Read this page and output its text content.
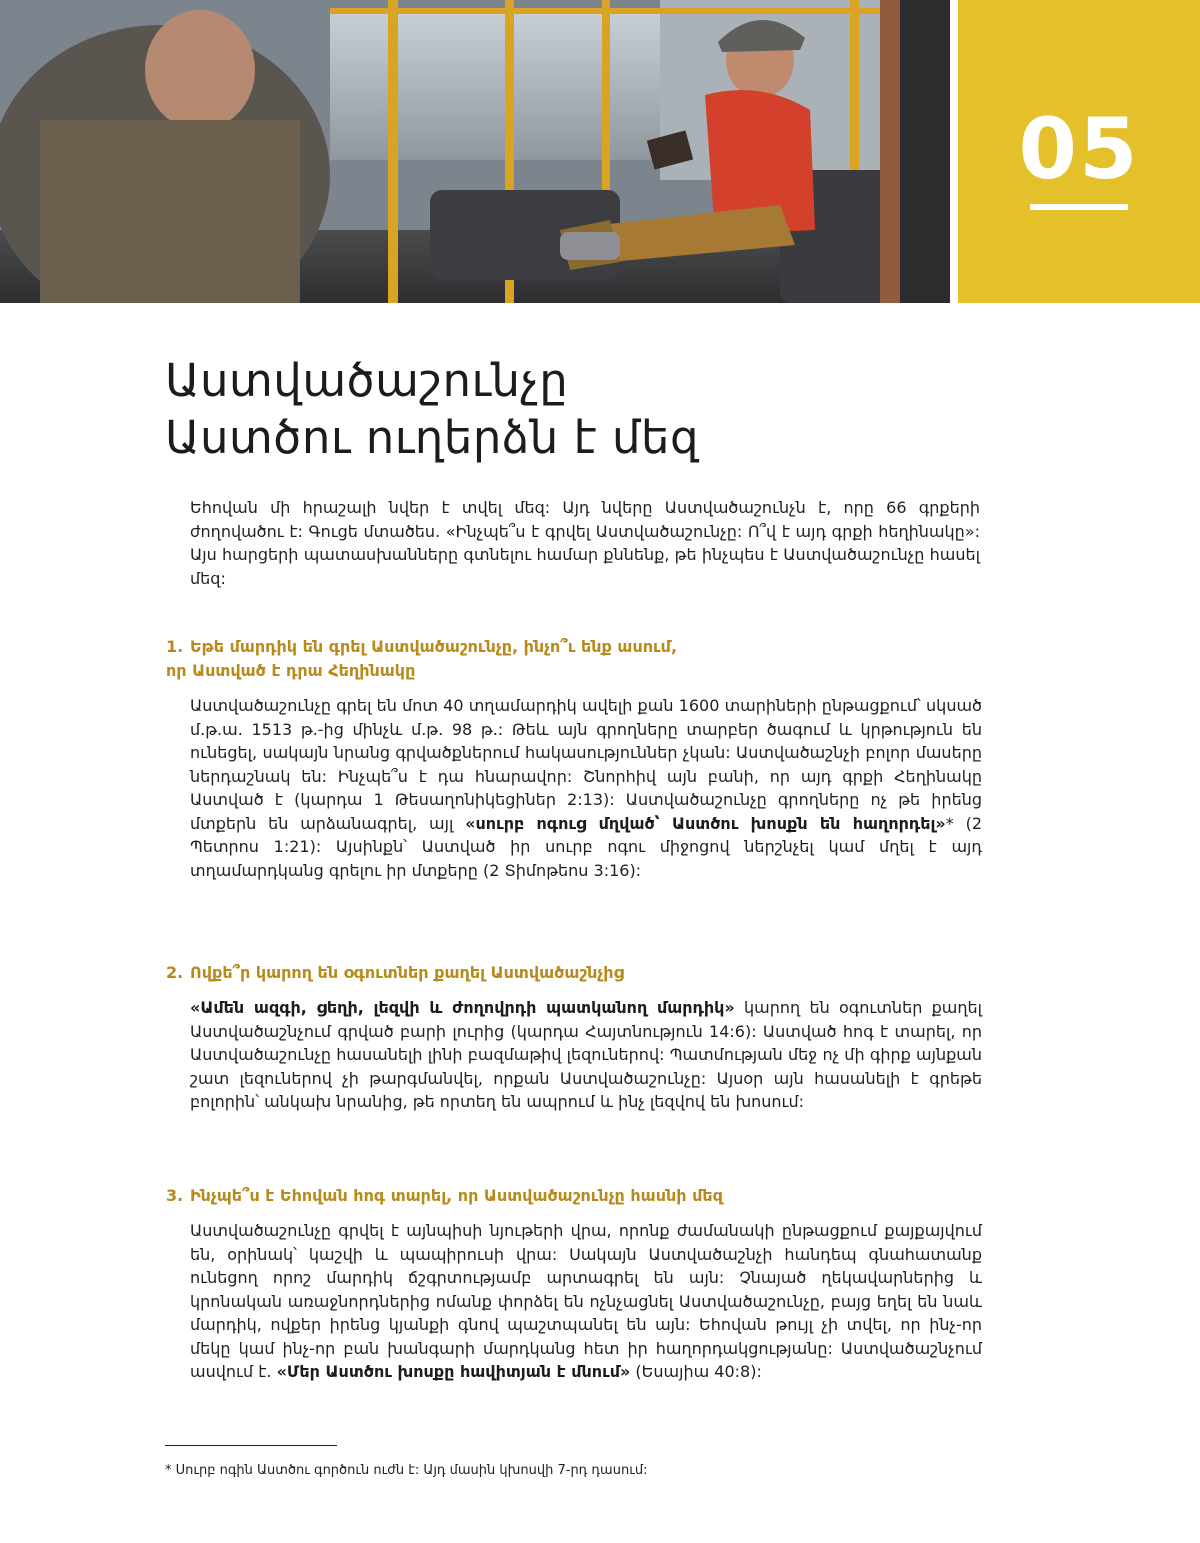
05
Աստվածաշունչը
Աստծու ուղերձն է մեզ

Եհովան մի հրաշալի նվեր է տվել մեզ: Այդ նվերը Աստվածաշունչն է, որը 66 գրքերի ժողովածու է: Գուցե մտածես. «Ինչպե՞ս է գրվել Աստվածաշունչը: Ո՞վ է այդ գրքի հեղինակը»: Այս հարցերի պատասխանները գտնելու համար քննենք, թե ինչպես է Աստվածաշունչը հասել մեզ:

1. Եթե մարդիկ են գրել Աստվածաշունչը, ինչո՞ւ ենք ասում,
որ Աստված է դրա Հեղինակը

Աստվածաշունչը գրել են մոտ 40 տղամարդիկ ավելի քան 1600 տարիների ընթացքում՝ սկսած մ.թ.ա. 1513 թ.-ից մինչև մ.թ. 98 թ.: Թեև այն գրողները տարբեր ծագում և կրթություն են ունեցել, սակայն նրանց գրվածքներում հակասություններ չկան: Աստվածաշնչի բոլոր մասերը ներդաշնակ են: Ինչպե՞ս է դա հնարավոր: Շնորհիվ այն բանի, որ այդ գրքի Հեղինակը Աստված է (կարդա 1 Թեսաղոնիկեցիներ 2:13): Աստվածաշունչը գրողները ոչ թե իրենց մտքերն են արձանագրել, այլ «սուրբ ոգուց մղված՝ Աստծու խոսքն են հաղորդել»* (2 Պետրոս 1:21): Այսինքն՝ Աստված իր սուրբ ոգու միջոցով ներշնչել կամ մղել է այդ տղամարդկանց գրելու իր մտքերը (2 Տիմոթեոս 3:16):

2. Ովքե՞ր կարող են օգուտներ քաղել Աստվածաշնչից

«Ամեն ազգի, ցեղի, լեզվի և ժողովրդի պատկանող մարդիկ» կարող են օգուտներ քաղել Աստվածաշնչում գրված բարի լուրից (կարդա Հայտնություն 14:6): Աստված հոգ է տարել, որ Աստվածաշունչը հասանելի լինի բազմաթիվ լեզուներով: Պատմության մեջ ոչ մի գիրք այնքան շատ լեզուներով չի թարգմանվել, որքան Աստվածաշունչը: Այսօր այն հասանելի է գրեթե բոլորին՝ անկախ նրանից, թե որտեղ են ապրում և ինչ լեզվով են խոսում:

3. Ինչպե՞ս է Եհովան հոգ տարել, որ Աստվածաշունչը հասնի մեզ

Աստվածաշունչը գրվել է այնպիսի նյութերի վրա, որոնք ժամանակի ընթացքում քայքայվում են, օրինակ՝ կաշվի և պապիրուսի վրա: Սակայն Աստվածաշնչի հանդեպ գնահատանք ունեցող որոշ մարդիկ ճշգրտությամբ արտագրել են այն: Չնայած ղեկավարներից և կրոնական առաջնորդներից ոմանք փորձել են ոչնչացնել Աստվածաշունչը, բայց եղել են նաև մարդիկ, ովքեր իրենց կյանքի գնով պաշտպանել են այն: Եհովան թույլ չի տվել, որ ինչ-որ մեկը կամ ինչ-որ բան խանգարի մարդկանց հետ իր հաղորդակցությանը: Աստվածաշնչում ասվում է. «Մեր Աստծու խոսքը հավիտյան է մնում» (Եսայիա 40:8):

* Սուրբ ոգին Աստծու գործուն ուժն է: Այդ մասին կխոսվի 7-րդ դասում:
